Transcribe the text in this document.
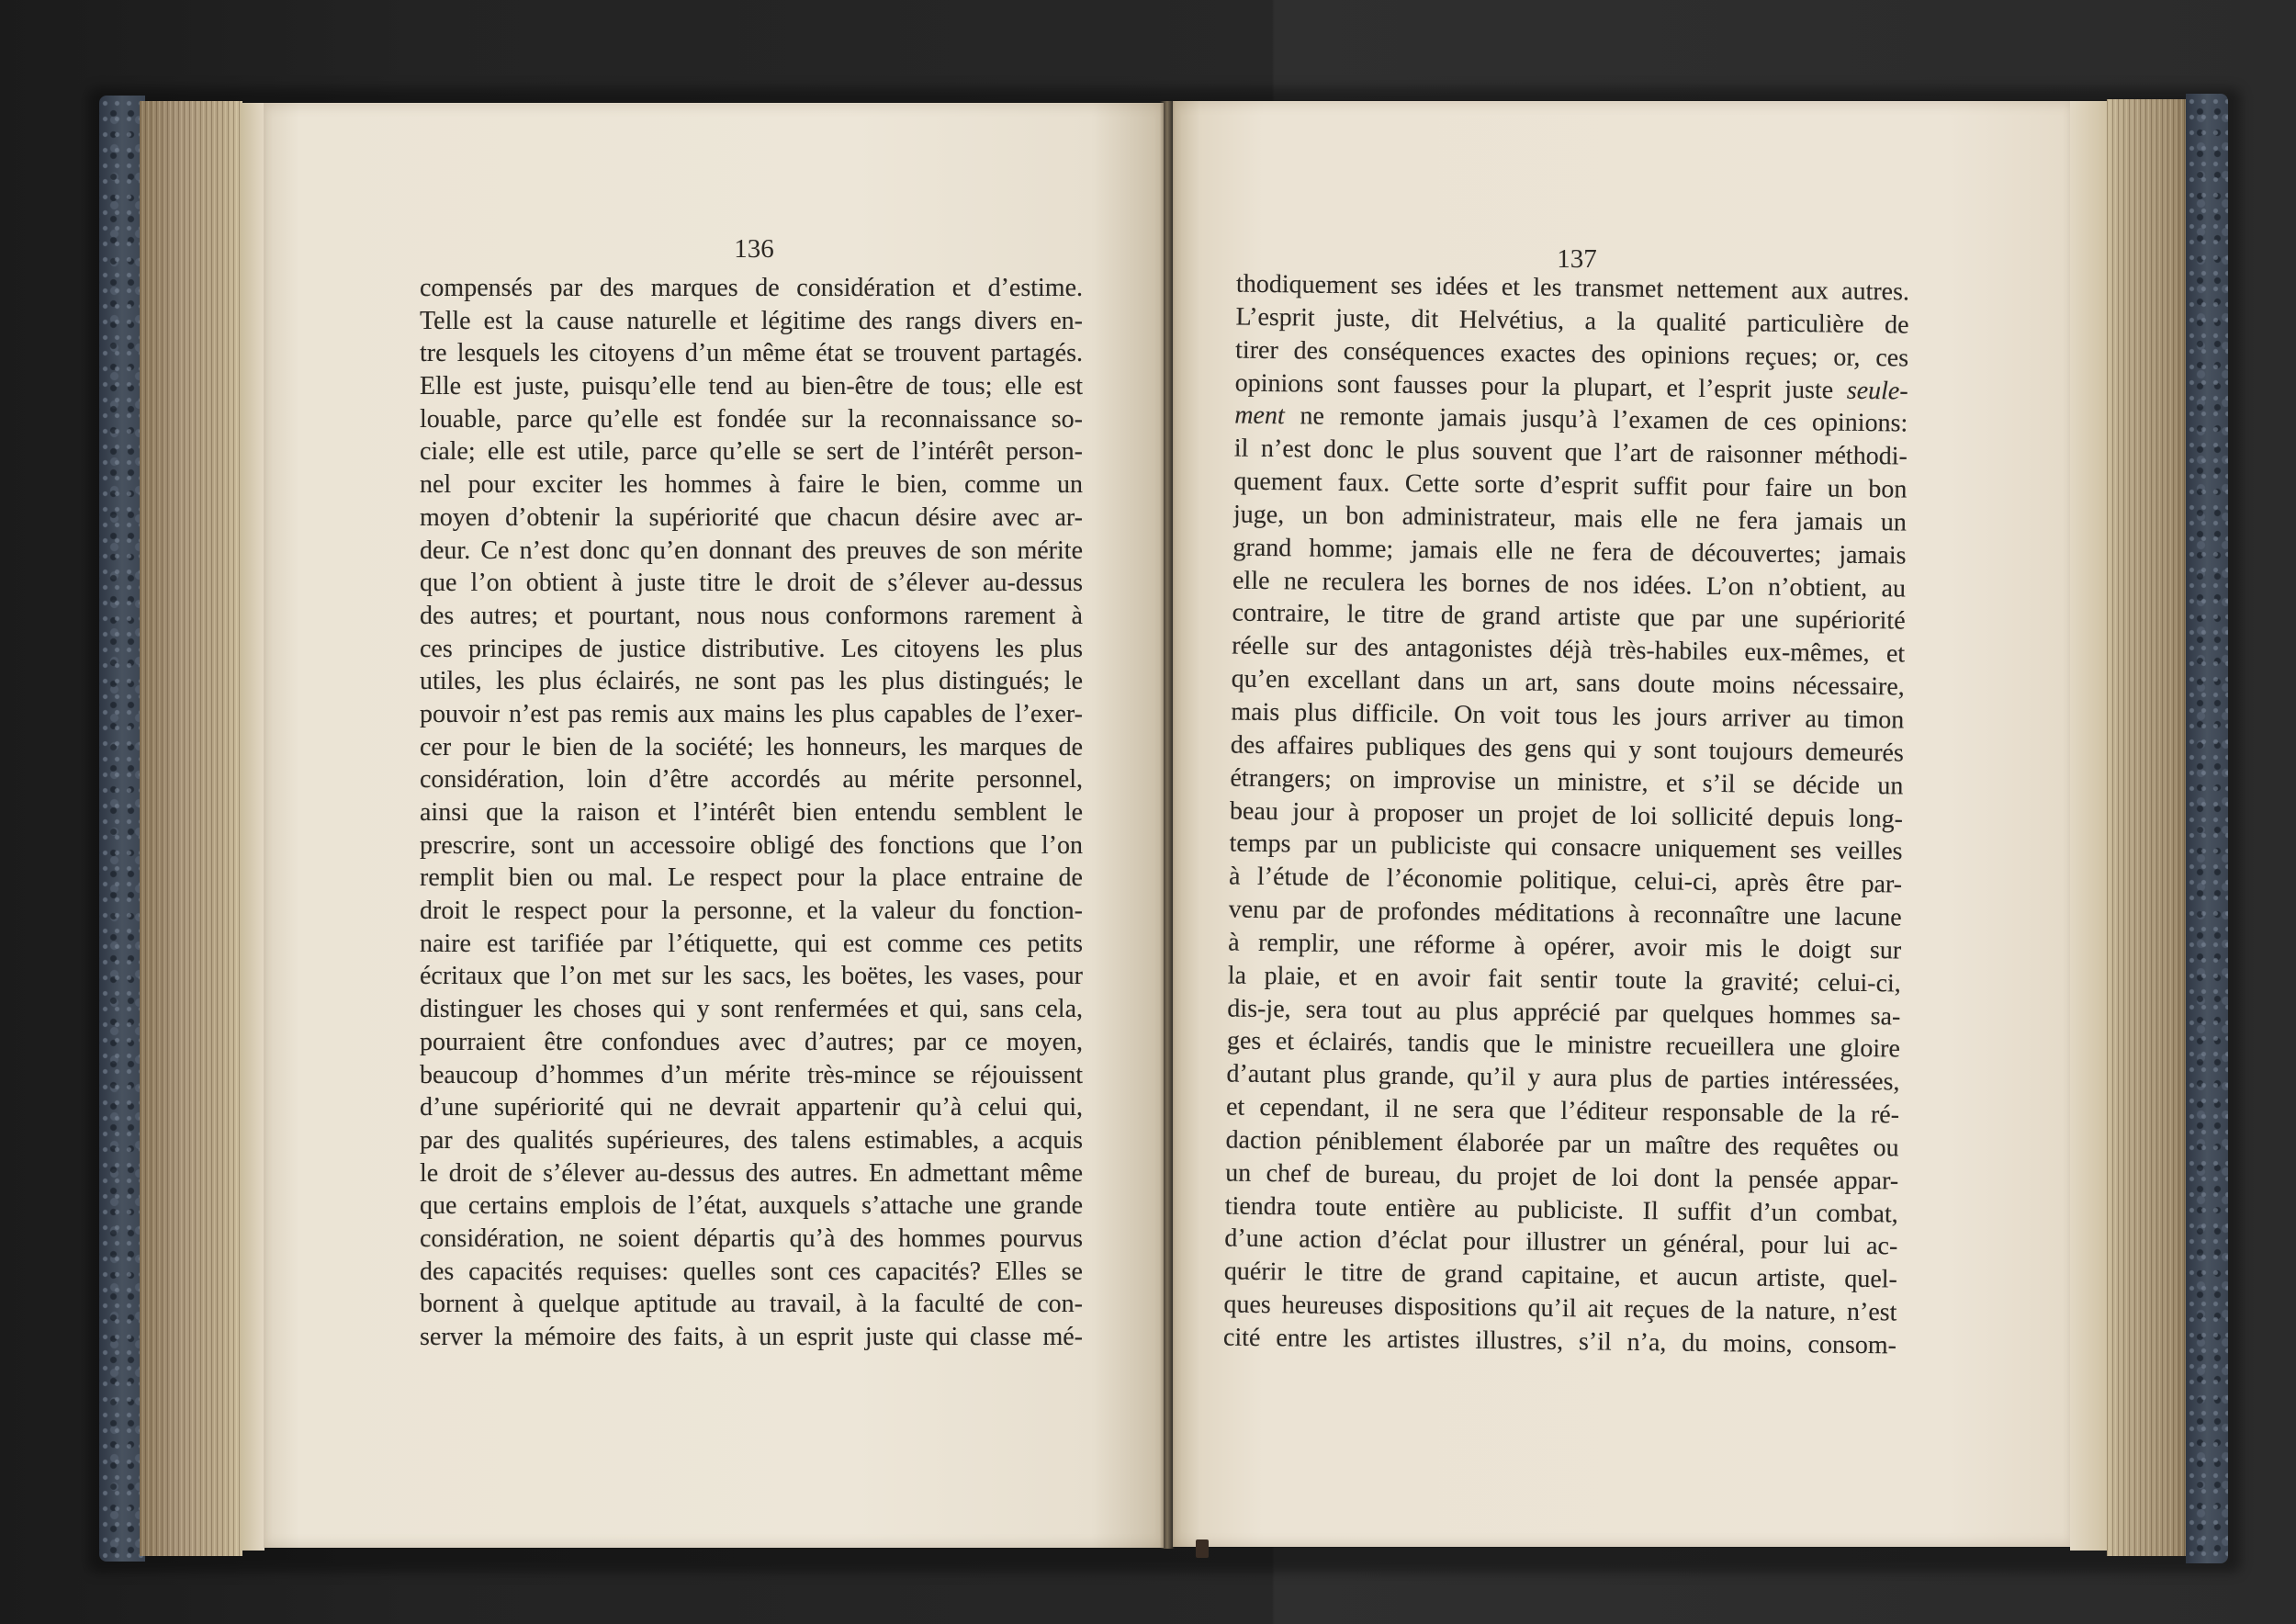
136
compensés par des marques de considération et d’estime.
Telle est la cause naturelle et légitime des rangs divers en-
tre lesquels les citoyens d’un même état se trouvent partagés.
Elle est juste, puisqu’elle tend au bien-être de tous; elle est
louable, parce qu’elle est fondée sur la reconnaissance so-
ciale; elle est utile, parce qu’elle se sert de l’intérêt person-
nel pour exciter les hommes à faire le bien, comme un
moyen d’obtenir la supériorité que chacun désire avec ar-
deur. Ce n’est donc qu’en donnant des preuves de son mérite
que l’on obtient à juste titre le droit de s’élever au-dessus
des autres; et pourtant, nous nous conformons rarement à
ces principes de justice distributive. Les citoyens les plus
utiles, les plus éclairés, ne sont pas les plus distingués; le
pouvoir n’est pas remis aux mains les plus capables de l’exer-
cer pour le bien de la société; les honneurs, les marques de
considération, loin d’être accordés au mérite personnel,
ainsi que la raison et l’intérêt bien entendu semblent le
prescrire, sont un accessoire obligé des fonctions que l’on
remplit bien ou mal. Le respect pour la place entraine de
droit le respect pour la personne, et la valeur du fonction-
naire est tarifiée par l’étiquette, qui est comme ces petits
écritaux que l’on met sur les sacs, les boëtes, les vases, pour
distinguer les choses qui y sont renfermées et qui, sans cela,
pourraient être confondues avec d’autres; par ce moyen,
beaucoup d’hommes d’un mérite très-mince se réjouissent
d’une supériorité qui ne devrait appartenir qu’à celui qui,
par des qualités supérieures, des talens estimables, a acquis
le droit de s’élever au-dessus des autres. En admettant même
que certains emplois de l’état, auxquels s’attache une grande
considération, ne soient départis qu’à des hommes pourvus
des capacités requises: quelles sont ces capacités? Elles se
bornent à quelque aptitude au travail, à la faculté de con-
server la mémoire des faits, à un esprit juste qui classe mé-
137
thodiquement ses idées et les transmet nettement aux autres.
L’esprit juste, dit Helvétius, a la qualité particulière de
tirer des conséquences exactes des opinions reçues; or, ces
opinions sont fausses pour la plupart, et l’esprit juste seule-
ment ne remonte jamais jusqu’à l’examen de ces opinions:
il n’est donc le plus souvent que l’art de raisonner méthodi-
quement faux. Cette sorte d’esprit suffit pour faire un bon
juge, un bon administrateur, mais elle ne fera jamais un
grand homme; jamais elle ne fera de découvertes; jamais
elle ne reculera les bornes de nos idées. L’on n’obtient, au
contraire, le titre de grand artiste que par une supériorité
réelle sur des antagonistes déjà très-habiles eux-mêmes, et
qu’en excellant dans un art, sans doute moins nécessaire,
mais plus difficile. On voit tous les jours arriver au timon
des affaires publiques des gens qui y sont toujours demeurés
étrangers; on improvise un ministre, et s’il se décide un
beau jour à proposer un projet de loi sollicité depuis long-
temps par un publiciste qui consacre uniquement ses veilles
à l’étude de l’économie politique, celui-ci, après être par-
venu par de profondes méditations à reconnaître une lacune
à remplir, une réforme à opérer, avoir mis le doigt sur
la plaie, et en avoir fait sentir toute la gravité; celui-ci,
dis-je, sera tout au plus apprécié par quelques hommes sa-
ges et éclairés, tandis que le ministre recueillera une gloire
d’autant plus grande, qu’il y aura plus de parties intéressées,
et cependant, il ne sera que l’éditeur responsable de la ré-
daction péniblement élaborée par un maître des requêtes ou
un chef de bureau, du projet de loi dont la pensée appar-
tiendra toute entière au publiciste. Il suffit d’un combat,
d’une action d’éclat pour illustrer un général, pour lui ac-
quérir le titre de grand capitaine, et aucun artiste, quel-
ques heureuses dispositions qu’il ait reçues de la nature, n’est
cité entre les artistes illustres, s’il n’a, du moins, consom-
